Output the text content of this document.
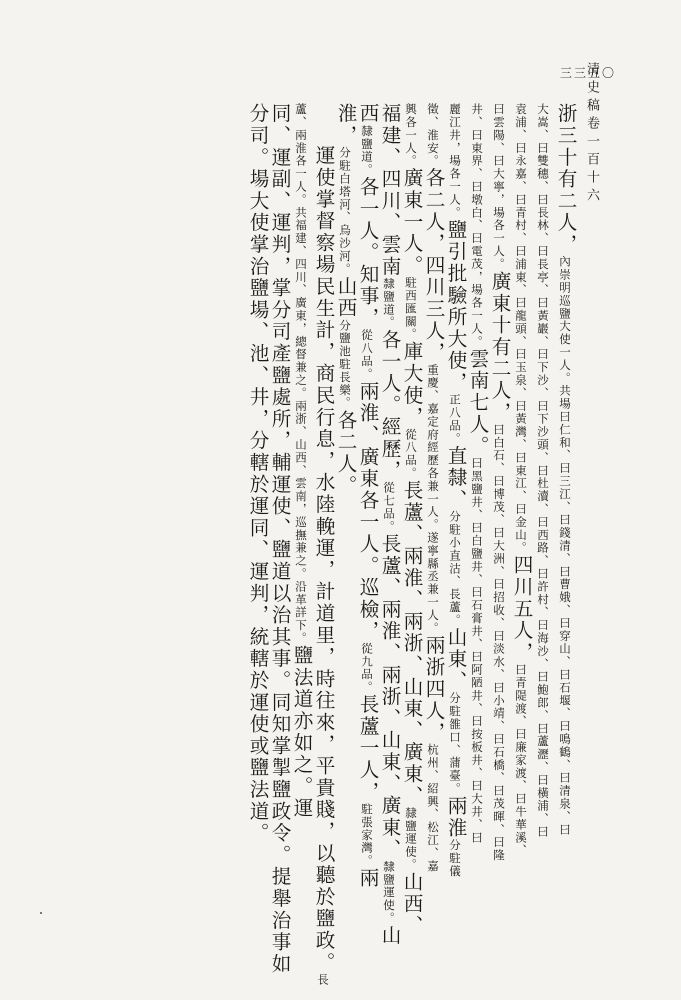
清史稿卷一百十六
三三五〇
浙三十有二人，內崇明巡鹽大使一人。共場曰仁和、曰三江、曰錢清、曰曹娥、曰穿山、曰石堰、曰鳴鶴、曰清泉、曰
大嵩、曰雙穗、曰長林、曰長亭、曰黃巖、曰下沙、曰下沙頭、曰杜瀆、曰西路、曰許村、曰海沙、曰鮑郎、曰蘆瀝、曰橫浦、曰
袁浦、曰永嘉、曰青村、曰浦東、曰龍頭、曰玉泉、曰黃灣、曰東江、曰金山。四川五人，曰青隄渡、曰廉家渡、曰牛華溪、
曰雲陽、曰大寧，場各一人。廣東十有二人，曰白石、曰博茂、曰大洲、曰招收、曰淡水、曰小靖、曰石橋、曰茂暉、曰隆
井、曰東界、曰墩白、曰電茂，場各一人。雲南七人。曰黑鹽井、曰白鹽井、曰石膏井、曰阿陋井、曰按板井、曰大井、曰
麗江井，場各一人。鹽引批驗所大使，正八品。直隸、分駐小直沽、長蘆。山東、分駐雒口、蒲臺。兩淮分駐儀
徵、淮安。各二人，四川三人，重慶、嘉定府經歷各兼一人。遂寧縣丞兼一人。兩浙四人，杭州、紹興、松江、嘉
興各一人。廣東一人。駐西匯關。庫大使，從八品。長蘆、兩淮、兩浙、山東、廣東、隸鹽運使。山西、
福建、四川、雲南隸鹽道。各一人。經歷，從七品。長蘆、兩淮、兩浙、山東、廣東、隸鹽運使。山
西隸鹽道。各一人。知事，從八品。兩淮、廣東各一人。巡檢，從九品。長蘆一人，駐張家灣。兩
淮，分駐白塔河、烏沙河。山西分鹽池駐長樂。各二人。
運使掌督察場民生計，商民行息，水陸輓運，計道里，時往來，平貴賤，以聽於鹽政。長
蘆、兩淮各一人。共福建、四川、廣東，總督兼之。兩浙、山西、雲南，巡撫兼之。沿革詳下。鹽法道亦如之。運
同、運副、運判，掌分司產鹽處所，輔運使、鹽道以治其事。同知掌掣鹽政令。提舉治事如
分司。場大使掌治鹽場、池、井，分轄於運同、運判，統轄於運使或鹽法道。
